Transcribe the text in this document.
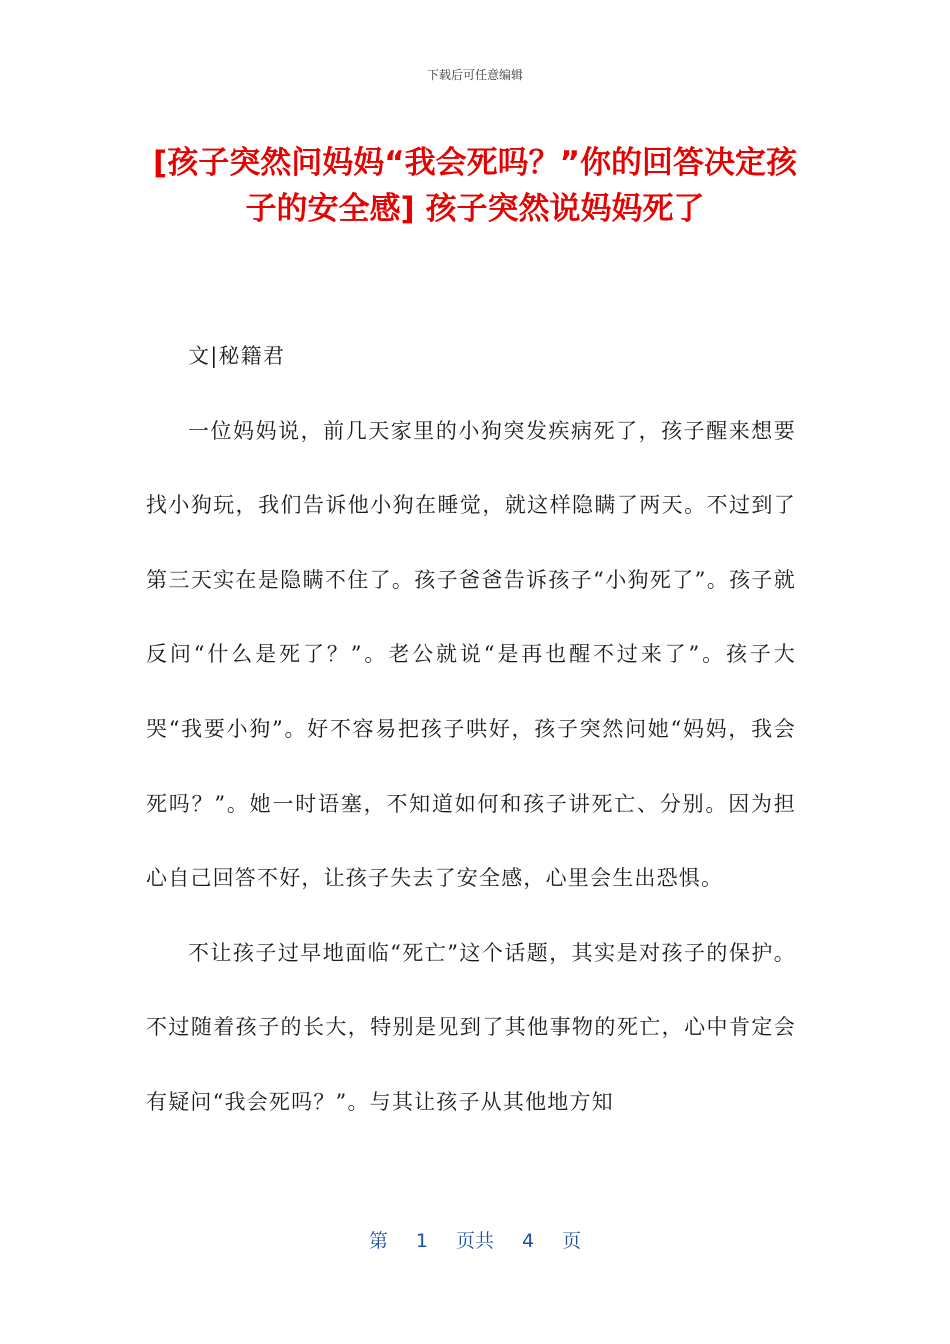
下载后可任意编辑
[孩子突然问妈妈“我会死吗？”你的回答决定孩子的安全感] 孩子突然说妈妈死了

文|秘籍君

一位妈妈说，前几天家里的小狗突发疾病死了，孩子醒来想要找小狗玩，我们告诉他小狗在睡觉，就这样隐瞒了两天。不过到了第三天实在是隐瞒不住了。孩子爸爸告诉孩子“小狗死了”。孩子就反问“什么是死了？”。老公就说“是再也醒不过来了”。孩子大哭“我要小狗”。好不容易把孩子哄好，孩子突然问她“妈妈，我会死吗？”。她一时语塞，不知道如何和孩子讲死亡、分别。因为担心自己回答不好，让孩子失去了安全感，心里会生出恐惧。

不让孩子过早地面临“死亡”这个话题，其实是对孩子的保护。不过随着孩子的长大，特别是见到了其他事物的死亡，心中肯定会有疑问“我会死吗？”。与其让孩子从其他地方知

第 1 页共 4 页
